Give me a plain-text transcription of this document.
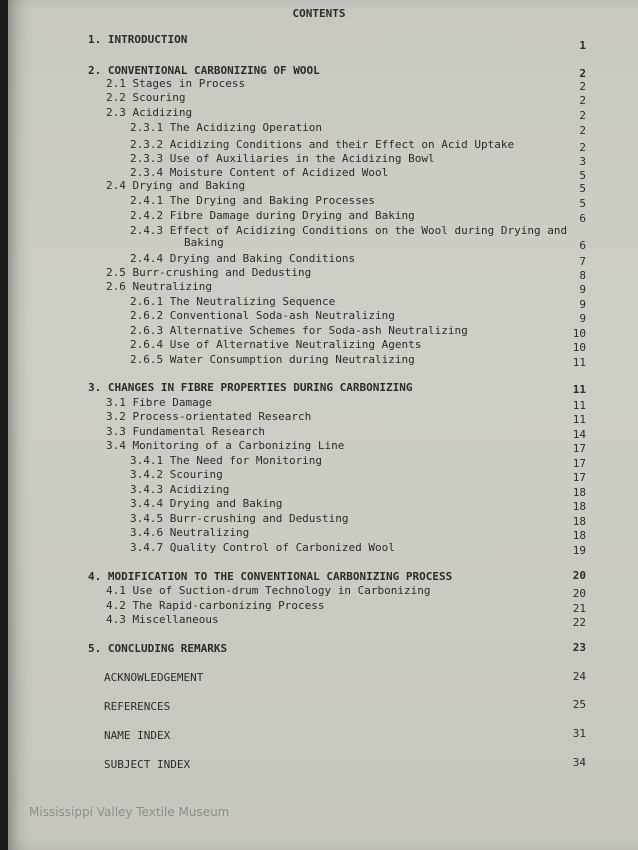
CONTENTS
1. INTRODUCTION	1
2. CONVENTIONAL CARBONIZING OF WOOL	2
2.1 Stages in Process	2
2.2 Scouring	2
2.3 Acidizing	2
2.3.1 The Acidizing Operation	2
2.3.2 Acidizing Conditions and their Effect on Acid Uptake	2
2.3.3 Use of Auxiliaries in the Acidizing Bowl	3
2.3.4 Moisture Content of Acidized Wool	5
2.4 Drying and Baking	5
2.4.1 The Drying and Baking Processes	5
2.4.2 Fibre Damage during Drying and Baking	6
2.4.3 Effect of Acidizing Conditions on the Wool during Drying and
Baking	6
2.4.4 Drying and Baking Conditions	7
2.5 Burr-crushing and Dedusting	8
2.6 Neutralizing	9
2.6.1 The Neutralizing Sequence	9
2.6.2 Conventional Soda-ash Neutralizing	9
2.6.3 Alternative Schemes for Soda-ash Neutralizing	10
2.6.4 Use of Alternative Neutralizing Agents	10
2.6.5 Water Consumption during Neutralizing	11
3. CHANGES IN FIBRE PROPERTIES DURING CARBONIZING	11
3.1 Fibre Damage	11
3.2 Process-orientated Research	11
3.3 Fundamental Research	14
3.4 Monitoring of a Carbonizing Line	17
3.4.1 The Need for Monitoring	17
3.4.2 Scouring	17
3.4.3 Acidizing	18
3.4.4 Drying and Baking	18
3.4.5 Burr-crushing and Dedusting	18
3.4.6 Neutralizing	18
3.4.7 Quality Control of Carbonized Wool	19
4. MODIFICATION TO THE CONVENTIONAL CARBONIZING PROCESS	20
4.1 Use of Suction-drum Technology in Carbonizing	20
4.2 The Rapid-carbonizing Process	21
4.3 Miscellaneous	22
5. CONCLUDING REMARKS	23
ACKNOWLEDGEMENT	24
REFERENCES	25
NAME INDEX	31
SUBJECT INDEX	34
Mississippi Valley Textile Museum
